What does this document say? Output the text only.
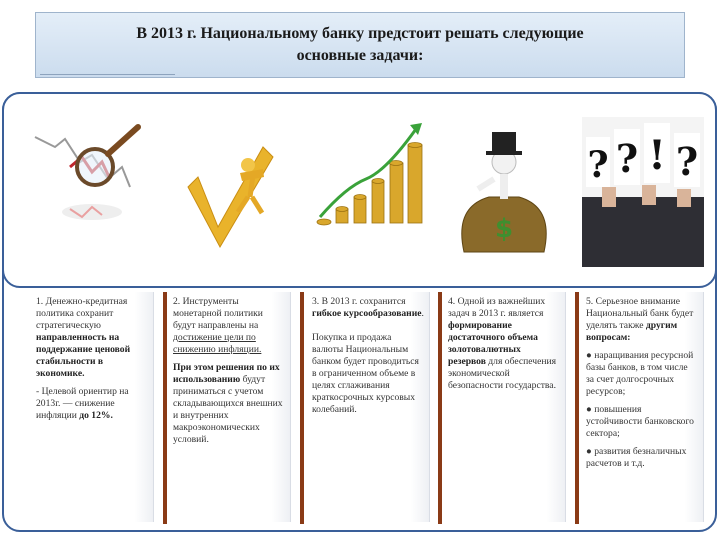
В 2013 г. Национальному банку предстоит решать следующие
основные задачи:
$
? ? ! ?

1. Денежно-кредитная политика сохранит стратегическую направленность на поддержание ценовой стабильности в экономике.

- Целевой ориентир на 2013г. — снижение инфляции до 12%.

2. Инструменты монетарной политики будут направлены на достижение цели по снижению инфляции.

При этом решения по их использованию будут приниматься с учетом складывающихся внешних и внутренних макроэкономических условий.

3. В 2013 г. сохранится гибкое курсообразование.

Покупка и продажа валюты Национальным банком будет проводиться в ограниченном объеме в целях сглаживания краткосрочных курсовых колебаний.

4. Одной из важнейших задач в 2013 г. является формирование достаточного объема золотовалютных резервов для обеспечения экономической безопасности государства.

5. Серьезное внимание Национальный банк будет уделять также другим вопросам:

● наращивания ресурсной базы банков, в том числе за счет долгосрочных ресурсов;

● повышения устойчивости банковского сектора;

● развития безналичных расчетов и т.д.
